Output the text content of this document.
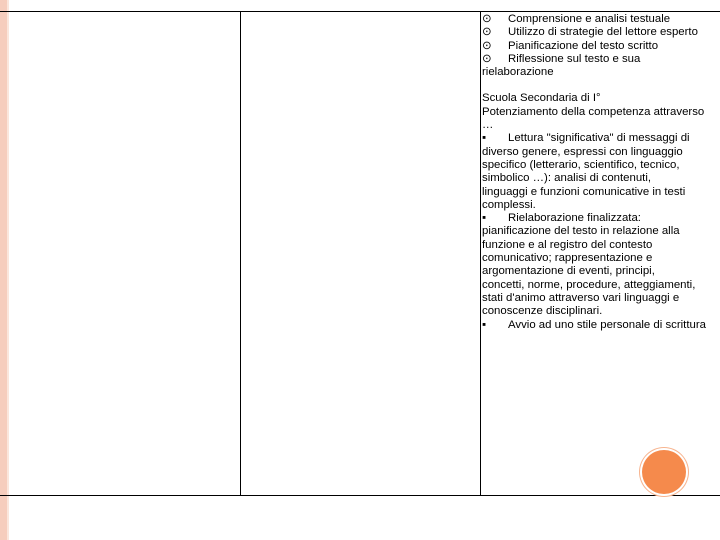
⊙ Comprensione e analisi testuale
⊙ Utilizzo di strategie del lettore esperto
⊙ Pianificazione del testo scritto
⊙ Riflessione sul testo e sua
rielaborazione
Scuola Secondaria di I°
Potenziamento della competenza attraverso
…
▪ Lettura "significativa" di messaggi di
diverso genere, espressi con linguaggio
specifico (letterario, scientifico, tecnico,
simbolico …): analisi di contenuti,
linguaggi e funzioni comunicative in testi
complessi.
▪ Rielaborazione finalizzata:
pianificazione del testo in relazione alla
funzione e al registro del contesto
comunicativo; rappresentazione e
argomentazione di eventi, principi,
concetti, norme, procedure, atteggiamenti,
stati d'animo attraverso vari linguaggi e
conoscenze disciplinari.
▪ Avvio ad uno stile personale di scrittura
